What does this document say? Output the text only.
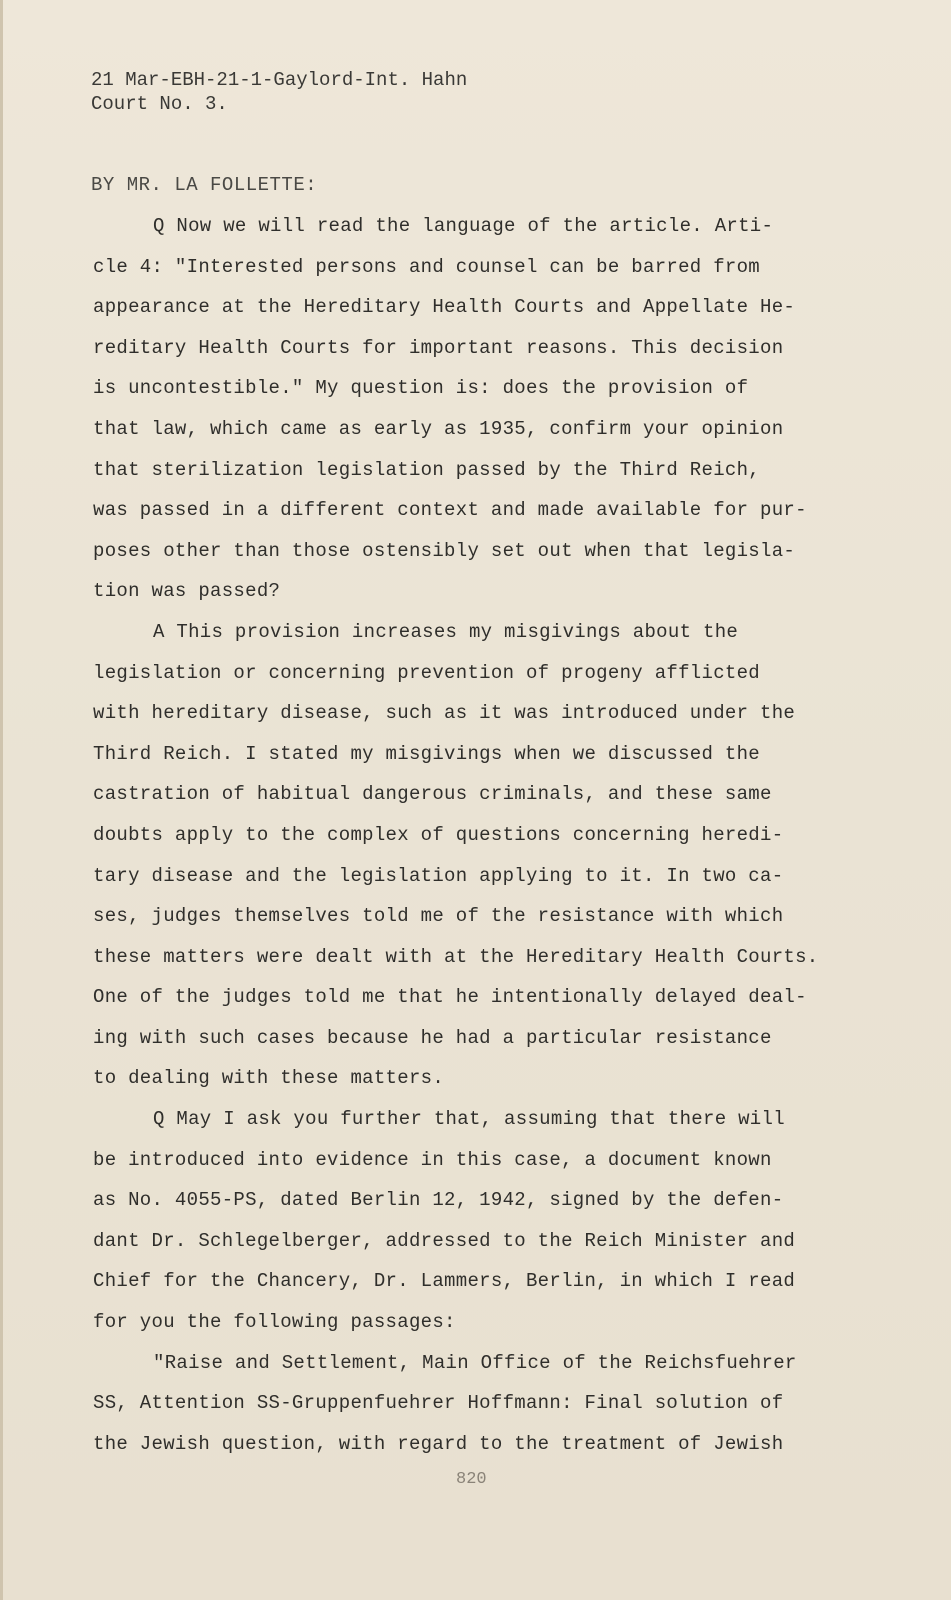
21 Mar-EBH-21-1-Gaylord-Int. Hahn
Court No. 3.
BY MR. LA FOLLETTE:

Q Now we will read the language of the article. Arti-
cle 4: "Interested persons and counsel can be barred from
appearance at the Hereditary Health Courts and Appellate He-
reditary Health Courts for important reasons. This decision
is uncontestible." My question is: does the provision of
that law, which came as early as 1935, confirm your opinion
that sterilization legislation passed by the Third Reich,
was passed in a different context and made available for pur-
poses other than those ostensibly set out when that legisla-
tion was passed?

A This provision increases my misgivings about the
legislation or concerning prevention of progeny afflicted
with hereditary disease, such as it was introduced under the
Third Reich. I stated my misgivings when we discussed the
castration of habitual dangerous criminals, and these same
doubts apply to the complex of questions concerning heredi-
tary disease and the legislation applying to it. In two ca-
ses, judges themselves told me of the resistance with which
these matters were dealt with at the Hereditary Health Courts.
One of the judges told me that he intentionally delayed deal-
ing with such cases because he had a particular resistance
to dealing with these matters.

Q May I ask you further that, assuming that there will
be introduced into evidence in this case, a document known
as No. 4055-PS, dated Berlin 12, 1942, signed by the defen-
dant Dr. Schlegelberger, addressed to the Reich Minister and
Chief for the Chancery, Dr. Lammers, Berlin, in which I read
for you the following passages:

"Raise and Settlement, Main Office of the Reichsfuehrer
SS, Attention SS-Gruppenfuehrer Hoffmann: Final solution of
the Jewish question, with regard to the treatment of Jewish

820
